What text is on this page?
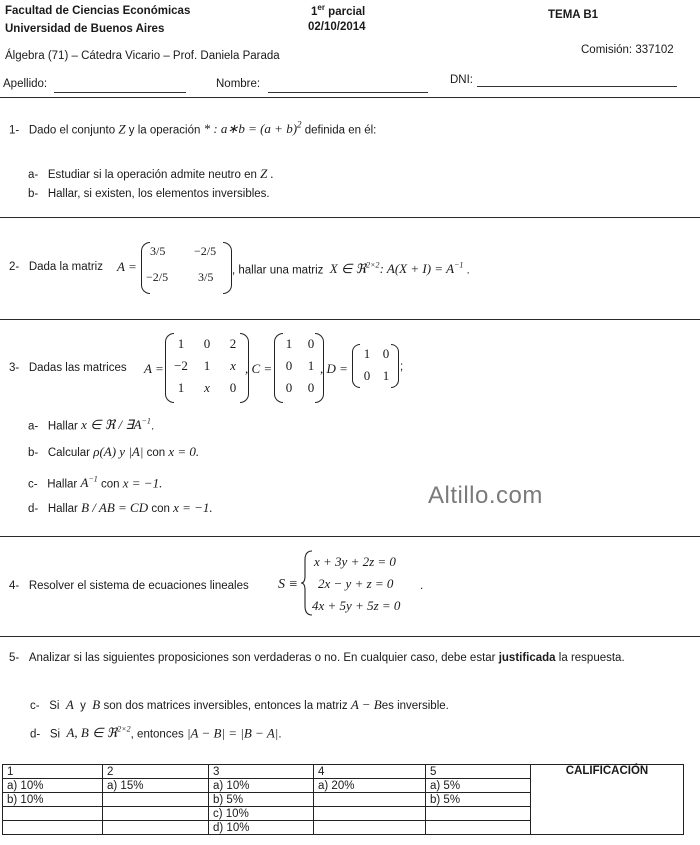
Facultad de Ciencias Económicas
Universidad de Buenos Aires
1er parcial
02/10/2014
TEMA B1
Álgebra (71) – Cátedra Vicario – Prof. Daniela Parada	Comisión: 337102
Apellido:	Nombre:	DNI:
1- Dado el conjunto Z y la operación * : a∗b = $(a + b)^2$ definida en él:
a- Estudiar si la operación admite neutro en Z .
b- Hallar, si existen, los elementos inversibles.
2- Dada la matriz A =
3/5 −2/5
−2/5 3/5 , hallar una matriz X ∈ ℜ$^{2\times 2}$: $A(X + I) = A^{-1}$ .
3- Dadas las matrices A =
1	0	2
−2	1	x
1	x	0
, C =
1	0
0	1
0	0
, D =
1 0
0 1
;
a- Hallar x ∈ ℜ / $\exists A^{-1}$.
b- Calcular ρ(A) y |A| con x = 0.
c- Hallar $A^{-1}$ con x = −1.
d- Hallar B / AB = CD con x = −1.	Altillo.com
4- Resolver el sistema de ecuaciones lineales S ≡
x + 3y + 2z = 0
2x − y + z = 0
4x + 5y + 5z = 0
.
5- Analizar si las siguientes proposiciones son verdaderas o no. En cualquier caso, debe estar justificada la respuesta.
c- Si A y B son dos matrices inversibles, entonces la matriz A − Bes inversible.
d- Si A, B ∈ ℜ$^{2\times 2}$, entonces |A − B| = |B − A|.
1	2	3	4	5	CALIFICACIÓN
a) 10%	a) 15%	a) 10%	a) 20%	a) 5%	
b) 10%		b) 5%		b) 5%	
		c) 10%			
		d) 10%			
